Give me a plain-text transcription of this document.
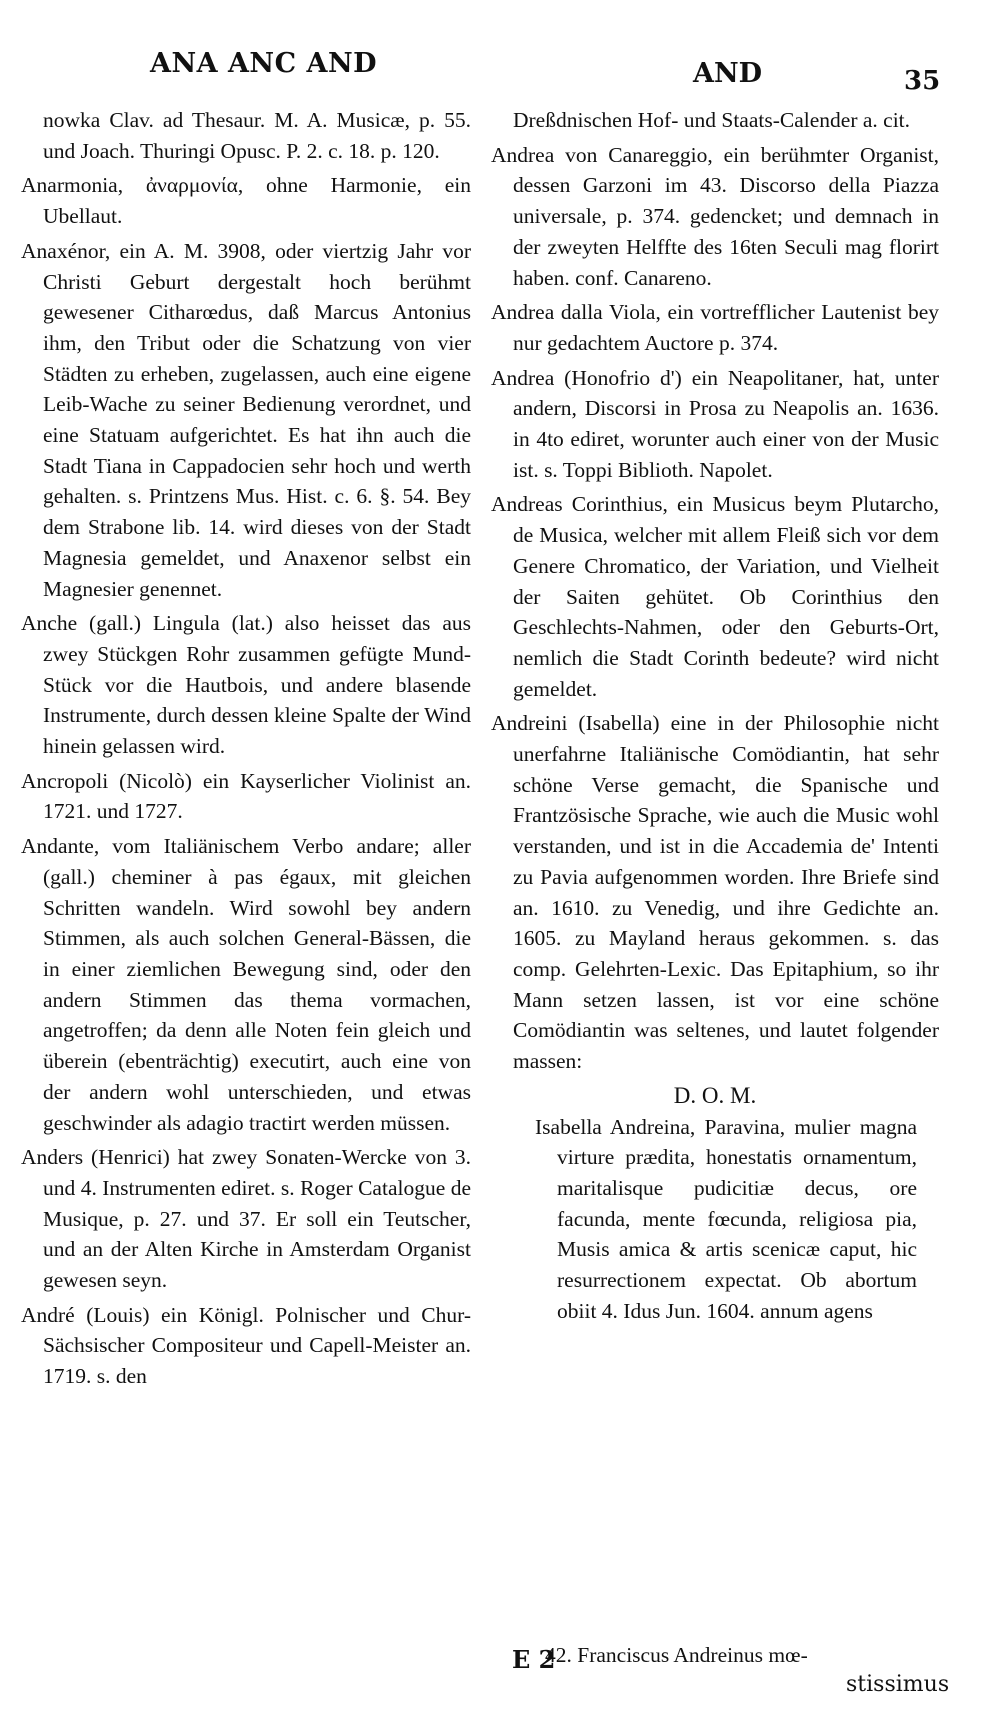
ANA ANC AND	AND	35

nowka Clav. ad Thesaur. M. A. Musicæ, p. 55. und Joach. Thuringi Opusc. P. 2. c. 18. p. 120.

Anarmonia, ἀναρμονία, ohne Harmonie, ein Ubellaut.

Anaxénor, ein A. M. 3908, oder viertzig Jahr vor Christi Geburt dergestalt hoch berühmt gewesener Citharœdus, daß Marcus Antonius ihm, den Tribut oder die Schatzung von vier Städten zu erheben, zugelassen, auch eine eigene Leib-Wache zu seiner Bedienung verordnet, und eine Statuam aufgerichtet. Es hat ihn auch die Stadt Tiana in Cappadocien sehr hoch und werth gehalten. s. Printzens Mus. Hist. c. 6. §. 54. Bey dem Strabone lib. 14. wird dieses von der Stadt Magnesia gemeldet, und Anaxenor selbst ein Magnesier genennet.

Anche (gall.) Lingula (lat.) also heisset das aus zwey Stückgen Rohr zusammen gefügte Mund-Stück vor die Hautbois, und andere blasende Instrumente, durch dessen kleine Spalte der Wind hinein gelassen wird.

Ancropoli (Nicolò) ein Kayserlicher Violinist an. 1721. und 1727.

Andante, vom Italiänischem Verbo andare; aller (gall.) cheminer à pas égaux, mit gleichen Schritten wandeln. Wird sowohl bey andern Stimmen, als auch solchen General-Bässen, die in einer ziemlichen Bewegung sind, oder den andern Stimmen das thema vormachen, angetroffen; da denn alle Noten fein gleich und überein (ebenträchtig) executirt, auch eine von der andern wohl unterschieden, und etwas geschwinder als adagio tractirt werden müssen.

Anders (Henrici) hat zwey Sonaten-Wercke von 3. und 4. Instrumenten ediret. s. Roger Catalogue de Musique, p. 27. und 37. Er soll ein Teutscher, und an der Alten Kirche in Amsterdam Organist gewesen seyn.

André (Louis) ein Königl. Polnischer und Chur-Sächsischer Compositeur und Capell-Meister an. 1719. s. den

Dreßdnischen Hof- und Staats-Calender a. cit.

Andrea von Canareggio, ein berühmter Organist, dessen Garzoni im 43. Discorso della Piazza universale, p. 374. gedencket; und demnach in der zweyten Helffte des 16ten Seculi mag florirt haben. conf. Canareno.

Andrea dalla Viola, ein vortrefflicher Lautenist bey nur gedachtem Auctore p. 374.

Andrea (Honofrio d') ein Neapolitaner, hat, unter andern, Discorsi in Prosa zu Neapolis an. 1636. in 4to ediret, worunter auch einer von der Music ist. s. Toppi Biblioth. Napolet.

Andreas Corinthius, ein Musicus beym Plutarcho, de Musica, welcher mit allem Fleiß sich vor dem Genere Chromatico, der Variation, und Vielheit der Saiten gehütet. Ob Corinthius den Geschlechts-Nahmen, oder den Geburts-Ort, nemlich die Stadt Corinth bedeute? wird nicht gemeldet.

Andreini (Isabella) eine in der Philosophie nicht unerfahrne Italiänische Comödiantin, hat sehr schöne Verse gemacht, die Spanische und Frantzösische Sprache, wie auch die Music wohl verstanden, und ist in die Accademia de' Intenti zu Pavia aufgenommen worden. Ihre Briefe sind an. 1610. zu Venedig, und ihre Gedichte an. 1605. zu Mayland heraus gekommen. s. das comp. Gelehrten-Lexic. Das Epitaphium, so ihr Mann setzen lassen, ist vor eine schöne Comödiantin was seltenes, und lautet folgender massen:

D. O. M.

Isabella Andreina, Paravina, mulier magna virture prædita, honestatis ornamentum, maritalisque pudicitiæ decus, ore facunda, mente fœcunda, religiosa pia, Musis amica & artis scenicæ caput, hic resurrectionem expectat. Ob abortum obiit 4. Idus Jun. 1604. annum agens

42. Franciscus Andreinus mœ-
E 2
stissimus
